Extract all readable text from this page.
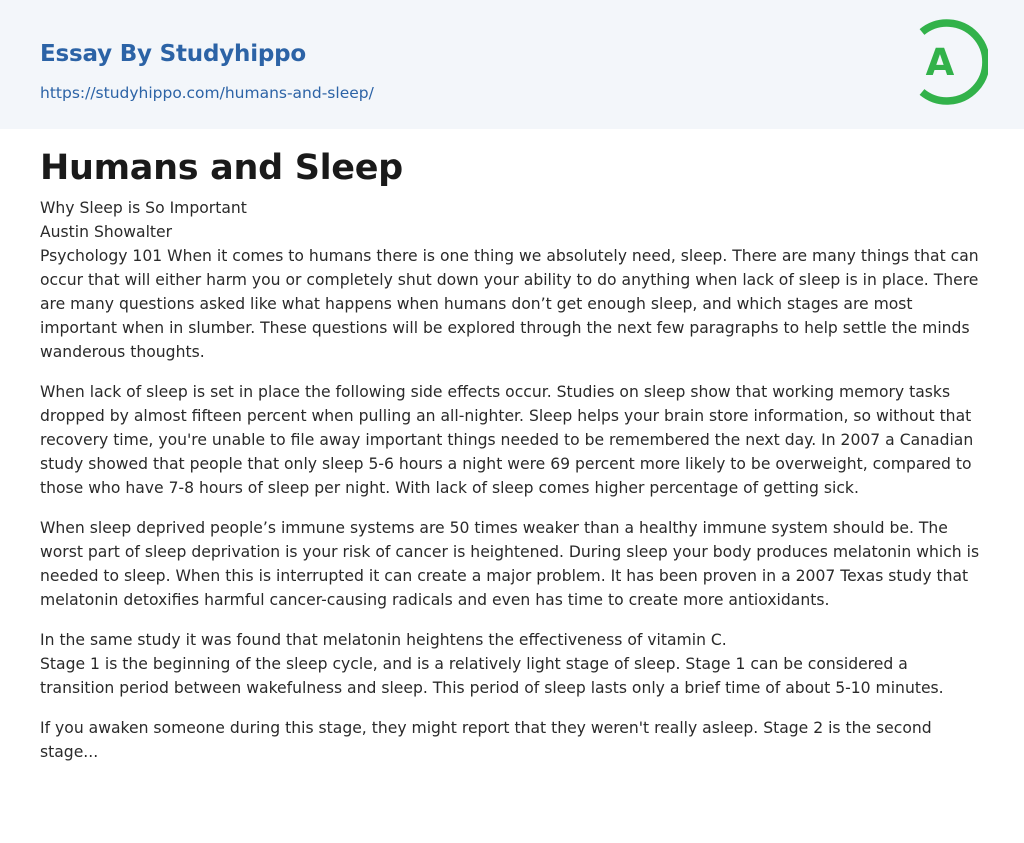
Essay By Studyhippo
https://studyhippo.com/humans-and-sleep/
A
Humans and Sleep
Why Sleep is So Important
Austin Showalter

Psychology 101 When it comes to humans there is one thing we absolutely need, sleep. There are many things that can occur that will either harm you or completely shut down your ability to do anything when lack of sleep is in place. There are many questions asked like what happens when humans don’t get enough sleep, and which stages are most important when in slumber. These questions will be explored through the next few paragraphs to help settle the minds wanderous thoughts.

When lack of sleep is set in place the following side effects occur. Studies on sleep show that working memory tasks dropped by almost fifteen percent when pulling an all-nighter. Sleep helps your brain store information, so without that recovery time, you're unable to file away important things needed to be remembered the next day. In 2007 a Canadian study showed that people that only sleep 5-6 hours a night were 69 percent more likely to be overweight, compared to those who have 7-8 hours of sleep per night. With lack of sleep comes higher percentage of getting sick.

When sleep deprived people’s immune systems are 50 times weaker than a healthy immune system should be. The worst part of sleep deprivation is your risk of cancer is heightened. During sleep your body produces melatonin which is needed to sleep. When this is interrupted it can create a major problem. It has been proven in a 2007 Texas study that melatonin detoxifies harmful cancer-causing radicals and even has time to create more antioxidants.

In the same study it was found that melatonin heightens the effectiveness of vitamin C.

Stage 1 is the beginning of the sleep cycle, and is a relatively light stage of sleep. Stage 1 can be considered a transition period between wakefulness and sleep. This period of sleep lasts only a brief time of about 5-10 minutes.

If you awaken someone during this stage, they might report that they weren't really asleep. Stage 2 is the second stage...
